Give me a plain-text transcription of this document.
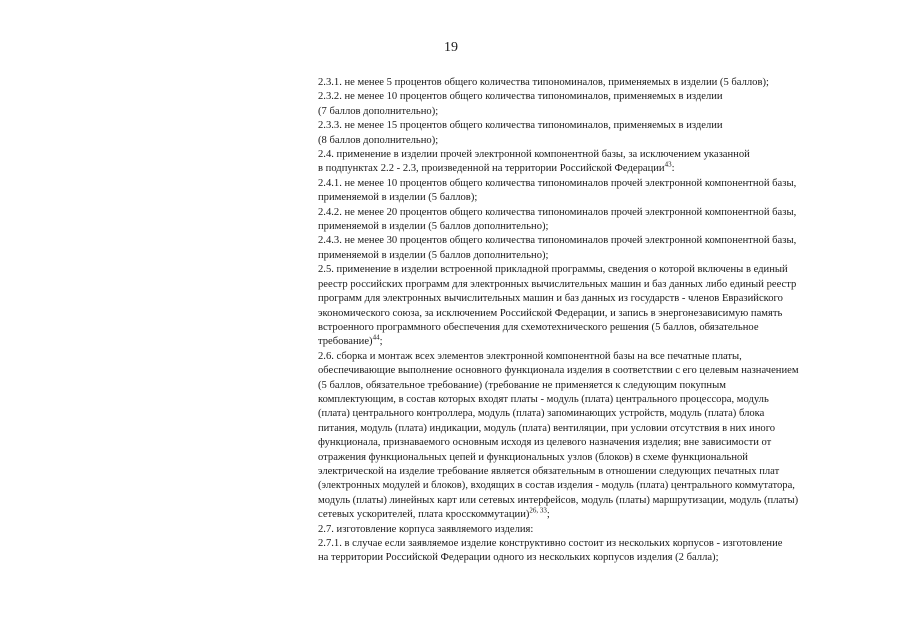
19
2.3.1. не менее 5 процентов общего количества типономиналов, применяемых в изделии (5 баллов);
2.3.2. не менее 10 процентов общего количества типономиналов, применяемых в изделии
(7 баллов дополнительно);
2.3.3. не менее 15 процентов общего количества типономиналов, применяемых в изделии
(8 баллов дополнительно);
2.4. применение в изделии прочей электронной компонентной базы, за исключением указанной
в подпунктах 2.2 - 2.3, произведенной на территории Российской Федерации$^{43}$:
2.4.1. не менее 10 процентов общего количества типономиналов прочей электронной компонентной базы,
применяемой в изделии (5 баллов);
2.4.2. не менее 20 процентов общего количества типономиналов прочей электронной компонентной базы,
применяемой в изделии (5 баллов дополнительно);
2.4.3. не менее 30 процентов общего количества типономиналов прочей электронной компонентной базы,
применяемой в изделии (5 баллов дополнительно);
2.5. применение в изделии встроенной прикладной программы, сведения о которой включены в единый
реестр российских программ для электронных вычислительных машин и баз данных либо единый реестр
программ для электронных вычислительных машин и баз данных из государств - членов Евразийского
экономического союза, за исключением Российской Федерации, и запись в энергонезависимую память
встроенного программного обеспечения для схемотехнического решения (5 баллов, обязательное
требование)$^{44}$;
2.6. сборка и монтаж всех элементов электронной компонентной базы на все печатные платы,
обеспечивающие выполнение основного функционала изделия в соответствии с его целевым назначением
(5 баллов, обязательное требование) (требование не применяется к следующим покупным
комплектующим, в состав которых входят платы - модуль (плата) центрального процессора, модуль
(плата) центрального контроллера, модуль (плата) запоминающих устройств, модуль (плата) блока
питания, модуль (плата) индикации, модуль (плата) вентиляции, при условии отсутствия в них иного
функционала, признаваемого основным исходя из целевого назначения изделия; вне зависимости от
отражения функциональных цепей и функциональных узлов (блоков) в схеме функциональной
электрической на изделие требование является обязательным в отношении следующих печатных плат
(электронных модулей и блоков), входящих в состав изделия - модуль (плата) центрального коммутатора,
модуль (платы) линейных карт или сетевых интерфейсов, модуль (платы) маршрутизации, модуль (платы)
сетевых ускорителей, плата кросскоммутации)$^{26, 33}$;
2.7. изготовление корпуса заявляемого изделия:
2.7.1. в случае если заявляемое изделие конструктивно состоит из нескольких корпусов - изготовление
на территории Российской Федерации одного из нескольких корпусов изделия (2 балла);
